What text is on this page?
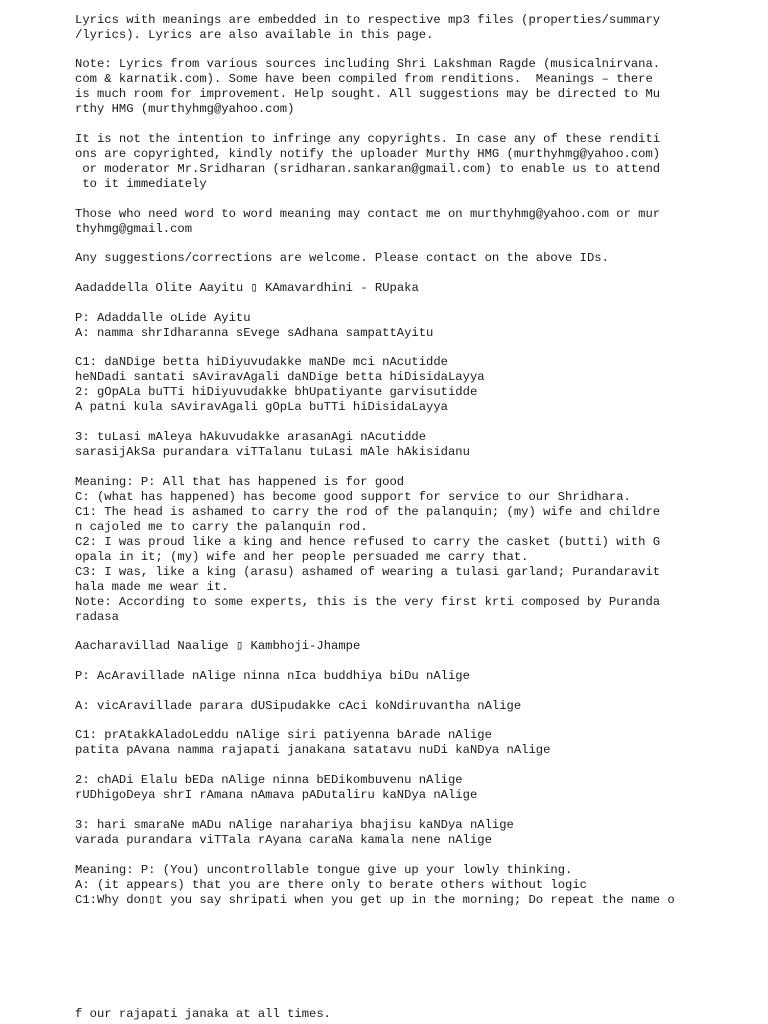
Lyrics with meanings are embedded in to respective mp3 files (properties/summary

/lyrics). Lyrics are also available in this page.

Note: Lyrics from various sources including Shri Lakshman Ragde (musicalnirvana.

com & karnatik.com). Some have been compiled from renditions.  Meanings – there

is much room for improvement. Help sought. All suggestions may be directed to Mu

rthy HMG (murthyhmg@yahoo.com)

It is not the intention to infringe any copyrights. In case any of these renditi

ons are copyrighted, kindly notify the uploader Murthy HMG (murthyhmg@yahoo.com)

or moderator Mr.Sridharan (sridharan.sankaran@gmail.com) to enable us to attend

to it immediately

Those who need word to word meaning may contact me on murthyhmg@yahoo.com or mur

thyhmg@gmail.com

Any suggestions/corrections are welcome. Please contact on the above IDs.

Aadaddella Olite Aayitu ▯ KAmavardhini - RUpaka

P: Adaddalle oLide Ayitu

A: namma shrIdharanna sEvege sAdhana sampattAyitu

C1: daNDige betta hiDiyuvudakke maNDe mci nAcutidde

heNDadi santati sAviravAgali daNDige betta hiDisidaLayya

2: gOpALa buTTi hiDiyuvudakke bhUpatiyante garvisutidde

A patni kula sAviravAgali gOpLa buTTi hiDisidaLayya

3: tuLasi mAleya hAkuvudakke arasanAgi nAcutidde

sarasijAkSa purandara viTTalanu tuLasi mAle hAkisidanu

Meaning: P: All that has happened is for good

C: (what has happened) has become good support for service to our Shridhara.

C1: The head is ashamed to carry the rod of the palanquin; (my) wife and childre

n cajoled me to carry the palanquin rod.

C2: I was proud like a king and hence refused to carry the casket (butti) with G

opala in it; (my) wife and her people persuaded me carry that.

C3: I was, like a king (arasu) ashamed of wearing a tulasi garland; Purandaravit

hala made me wear it.

Note: According to some experts, this is the very first krti composed by Puranda

radasa

Aacharavillad Naalige ▯ Kambhoji-Jhampe

P: AcAravillade nAlige ninna nIca buddhiya biDu nAlige

A: vicAravillade parara dUSipudakke cAci koNdiruvantha nAlige

C1: prAtakkAladoLeddu nAlige siri patiyenna bArade nAlige

patita pAvana namma rajapati janakana satatavu nuDi kaNDya nAlige

2: chADi Elalu bEDa nAlige ninna bEDikombuvenu nAlige

rUDhigoDeya shrI rAmana nAmava pADutaliru kaNDya nAlige

3: hari smaraNe mADu nAlige narahariya bhajisu kaNDya nAlige

varada purandara viTTala rAyana caraNa kamala nene nAlige

Meaning: P: (You) uncontrollable tongue give up your lowly thinking.

A: (it appears) that you are there only to berate others without logic

C1:Why don▯t you say shripati when you get up in the morning; Do repeat the name o

f our rajapati janaka at all times.
